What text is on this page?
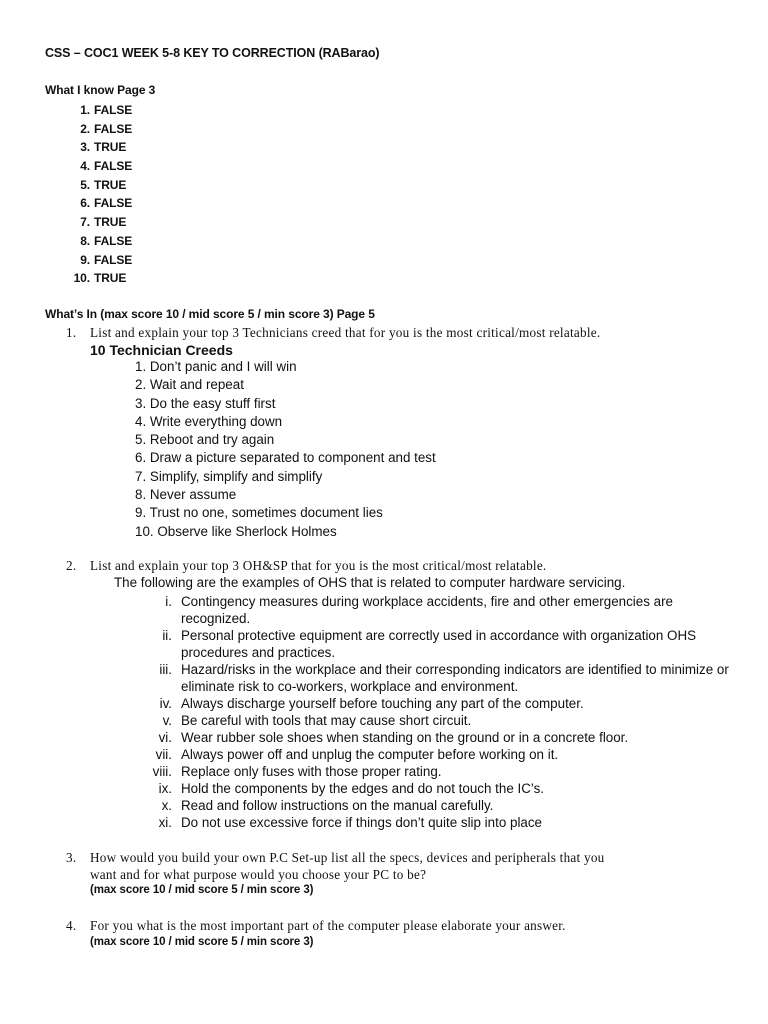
CSS – COC1 WEEK 5-8 KEY TO CORRECTION (RABarao)
What I know Page 3
1. FALSE
2. FALSE
3. TRUE
4. FALSE
5. TRUE
6. FALSE
7. TRUE
8. FALSE
9. FALSE
10. TRUE
What’s In (max score 10 / mid score 5 / min score 3) Page 5
1. List and explain your top 3 Technicians creed that for you is the most critical/most relatable.
10 Technician Creeds
1. Don’t panic and I will win
2. Wait and repeat
3. Do the easy stuff first
4. Write everything down
5. Reboot and try again
6. Draw a picture separated to component and test
7. Simplify, simplify and simplify
8. Never assume
9. Trust no one, sometimes document lies
10. Observe like Sherlock Holmes
2. List and explain your top 3 OH&SP that for you is the most critical/most relatable.
The following are the examples of OHS that is related to computer hardware servicing.
i. Contingency measures during workplace accidents, fire and other emergencies are recognized.
ii. Personal protective equipment are correctly used in accordance with organization OHS procedures and practices.
iii. Hazard/risks in the workplace and their corresponding indicators are identified to minimize or eliminate risk to co-workers, workplace and environment.
iv. Always discharge yourself before touching any part of the computer.
v. Be careful with tools that may cause short circuit.
vi. Wear rubber sole shoes when standing on the ground or in a concrete floor.
vii. Always power off and unplug the computer before working on it.
viii. Replace only fuses with those proper rating.
ix. Hold the components by the edges and do not touch the IC’s.
x. Read and follow instructions on the manual carefully.
xi. Do not use excessive force if things don’t quite slip into place
3. How would you build your own P.C Set-up list all the specs, devices and peripherals that you
want and for what purpose would you choose your PC to be?
(max score 10 / mid score 5 / min score 3)
4. For you what is the most important part of the computer please elaborate your answer.
(max score 10 / mid score 5 / min score 3)
